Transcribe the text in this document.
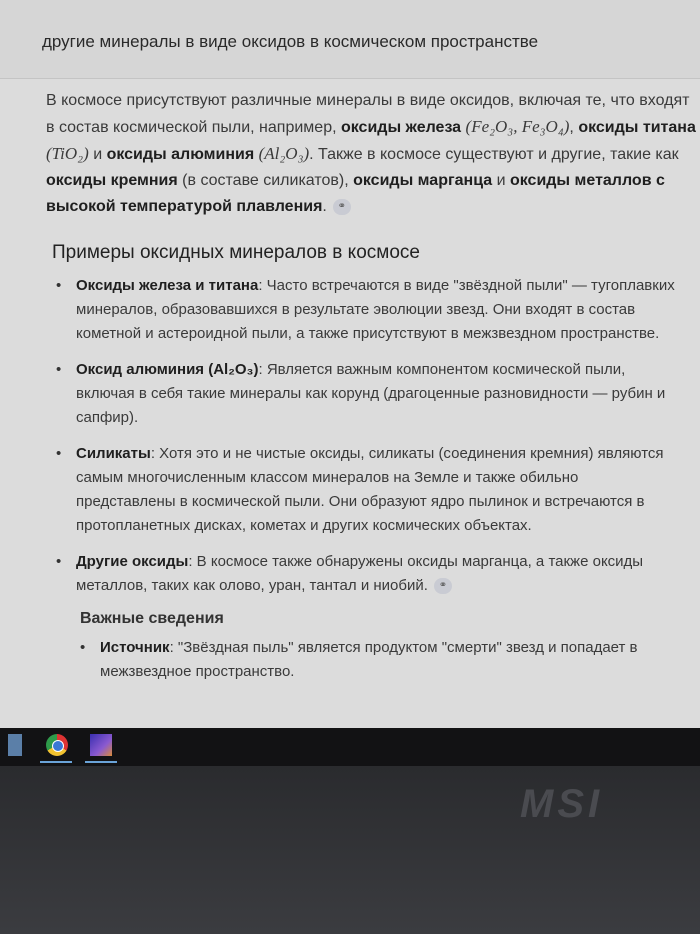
другие минералы в виде оксидов в космическом пространстве
В космосе присутствуют различные минералы в виде оксидов, включая те, что входят в состав космической пыли, например, оксиды железа (Fe₂O₃, Fe₃O₄), оксиды титана (TiO₂) и оксиды алюминия (Al₂O₃). Также в космосе существуют и другие, такие как оксиды кремния (в составе силикатов), оксиды марганца и оксиды металлов с высокой температурой плавления. ⚭
Примеры оксидных минералов в космосе
• Оксиды железа и титана: Часто встречаются в виде "звёздной пыли" — тугоплавких минералов, образовавшихся в результате эволюции звезд. Они входят в состав кометной и астероидной пыли, а также присутствуют в межзвездном пространстве.
• Оксид алюминия (Al₂O₃): Является важным компонентом космической пыли, включая в себя такие минералы как корунд (драгоценные разновидности — рубин и сапфир).
• Силикаты: Хотя это и не чистые оксиды, силикаты (соединения кремния) являются самым многочисленным классом минералов на Земле и также обильно представлены в космической пыли. Они образуют ядро пылинок и встречаются в протопланетных дисках, кометах и других космических объектах.
• Другие оксиды: В космосе также обнаружены оксиды марганца, а также оксиды металлов, таких как олово, уран, тантал и ниобий. ⚭
Важные сведения
• Источник: "Звёздная пыль" является продуктом "смерти" звезд и попадает в межзвездное пространство.
MSI
